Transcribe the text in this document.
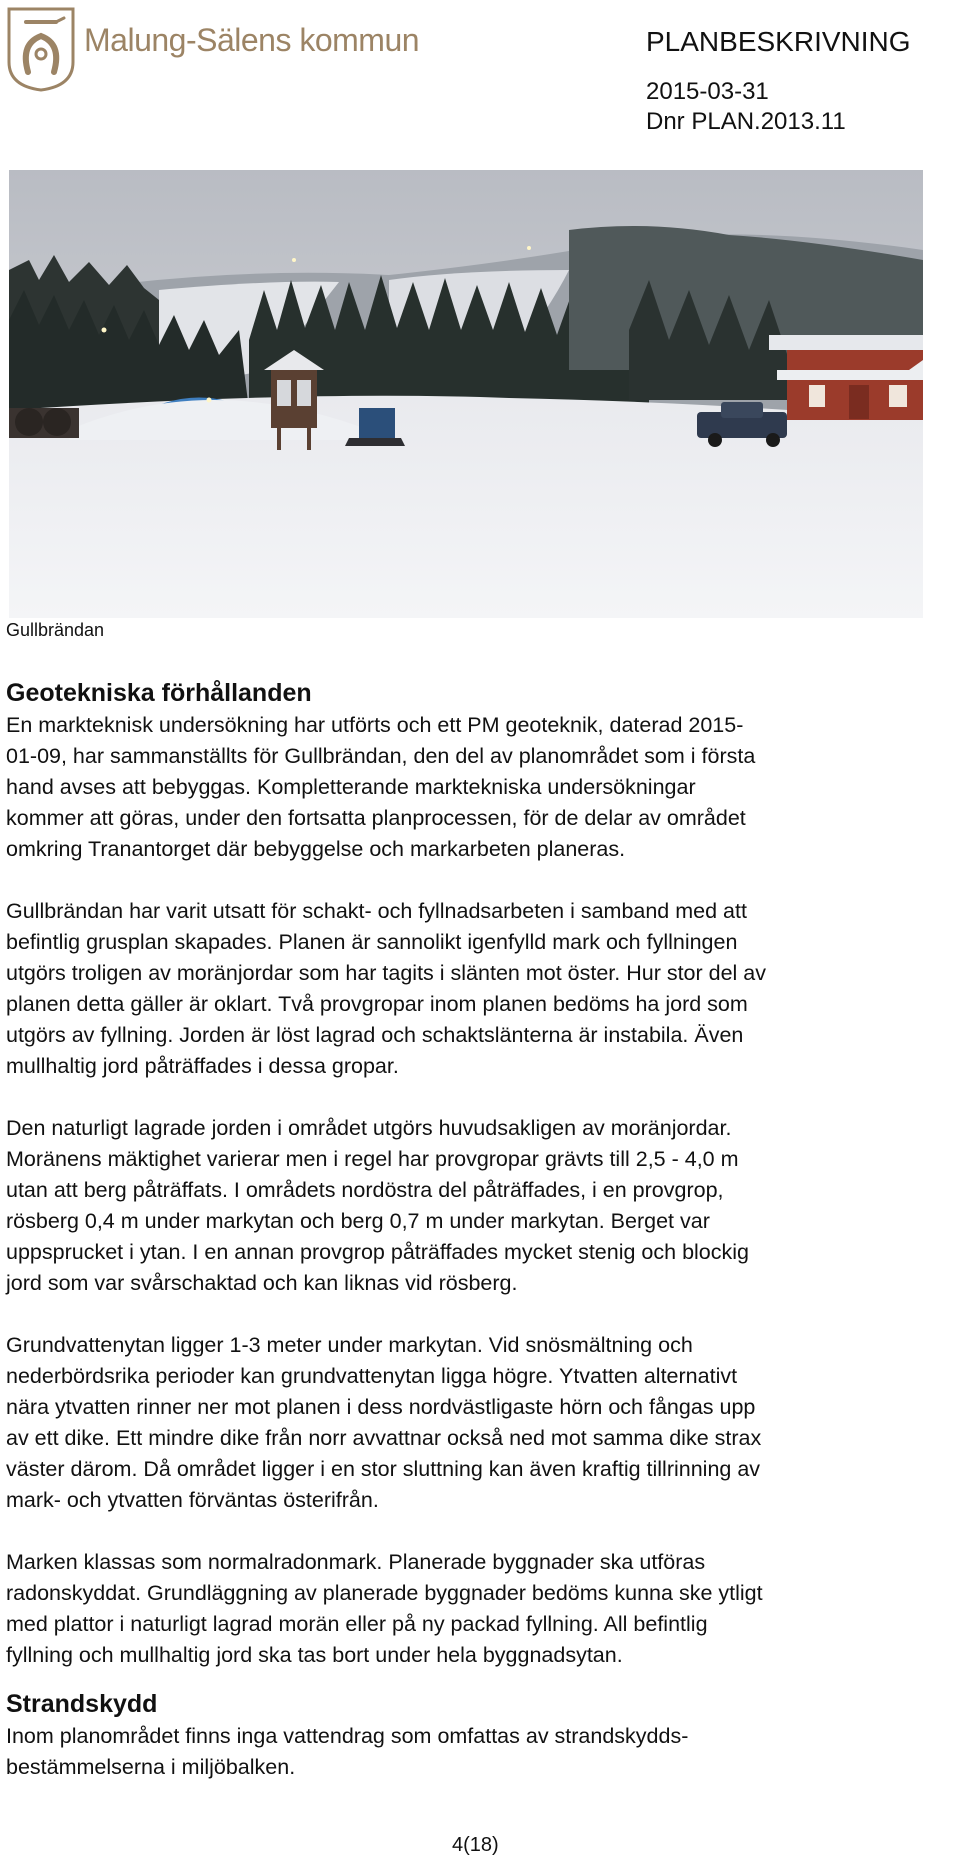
Malung-Sälens kommun	PLANBESKRIVNING
2015-03-31
Dnr PLAN.2013.11
Gullbrändan
Geotekniska förhållanden

En markteknisk undersökning har utförts och ett PM geoteknik, daterad 2015-
01-09, har sammanställts för Gullbrändan, den del av planområdet som i första
hand avses att bebyggas. Kompletterande marktekniska undersökningar
kommer att göras, under den fortsatta planprocessen, för de delar av området
omkring Tranantorget där bebyggelse och markarbeten planeras.

Gullbrändan har varit utsatt för schakt- och fyllnadsarbeten i samband med att
befintlig grusplan skapades. Planen är sannolikt igenfylld mark och fyllningen
utgörs troligen av moränjordar som har tagits i slänten mot öster. Hur stor del av
planen detta gäller är oklart. Två provgropar inom planen bedöms ha jord som
utgörs av fyllning. Jorden är löst lagrad och schaktslänterna är instabila. Även
mullhaltig jord påträffades i dessa gropar.

Den naturligt lagrade jorden i området utgörs huvudsakligen av moränjordar.
Moränens mäktighet varierar men i regel har provgropar grävts till 2,5 - 4,0 m
utan att berg påträffats. I områdets nordöstra del påträffades, i en provgrop,
rösberg 0,4 m under markytan och berg 0,7 m under markytan. Berget var
uppsprucket i ytan. I en annan provgrop påträffades mycket stenig och blockig
jord som var svårschaktad och kan liknas vid rösberg.

Grundvattenytan ligger 1-3 meter under markytan. Vid snösmältning och
nederbördsrika perioder kan grundvattenytan ligga högre. Ytvatten alternativt
nära ytvatten rinner ner mot planen i dess nordvästligaste hörn och fångas upp
av ett dike. Ett mindre dike från norr avvattnar också ned mot samma dike strax
väster därom. Då området ligger i en stor sluttning kan även kraftig tillrinning av
mark- och ytvatten förväntas österifrån.

Marken klassas som normalradonmark. Planerade byggnader ska utföras
radonskyddat. Grundläggning av planerade byggnader bedöms kunna ske ytligt
med plattor i naturligt lagrad morän eller på ny packad fyllning. All befintlig
fyllning och mullhaltig jord ska tas bort under hela byggnadsytan.

Strandskydd

Inom planområdet finns inga vattendrag som omfattas av strandskydds-
bestämmelserna i miljöbalken.

4(18)
